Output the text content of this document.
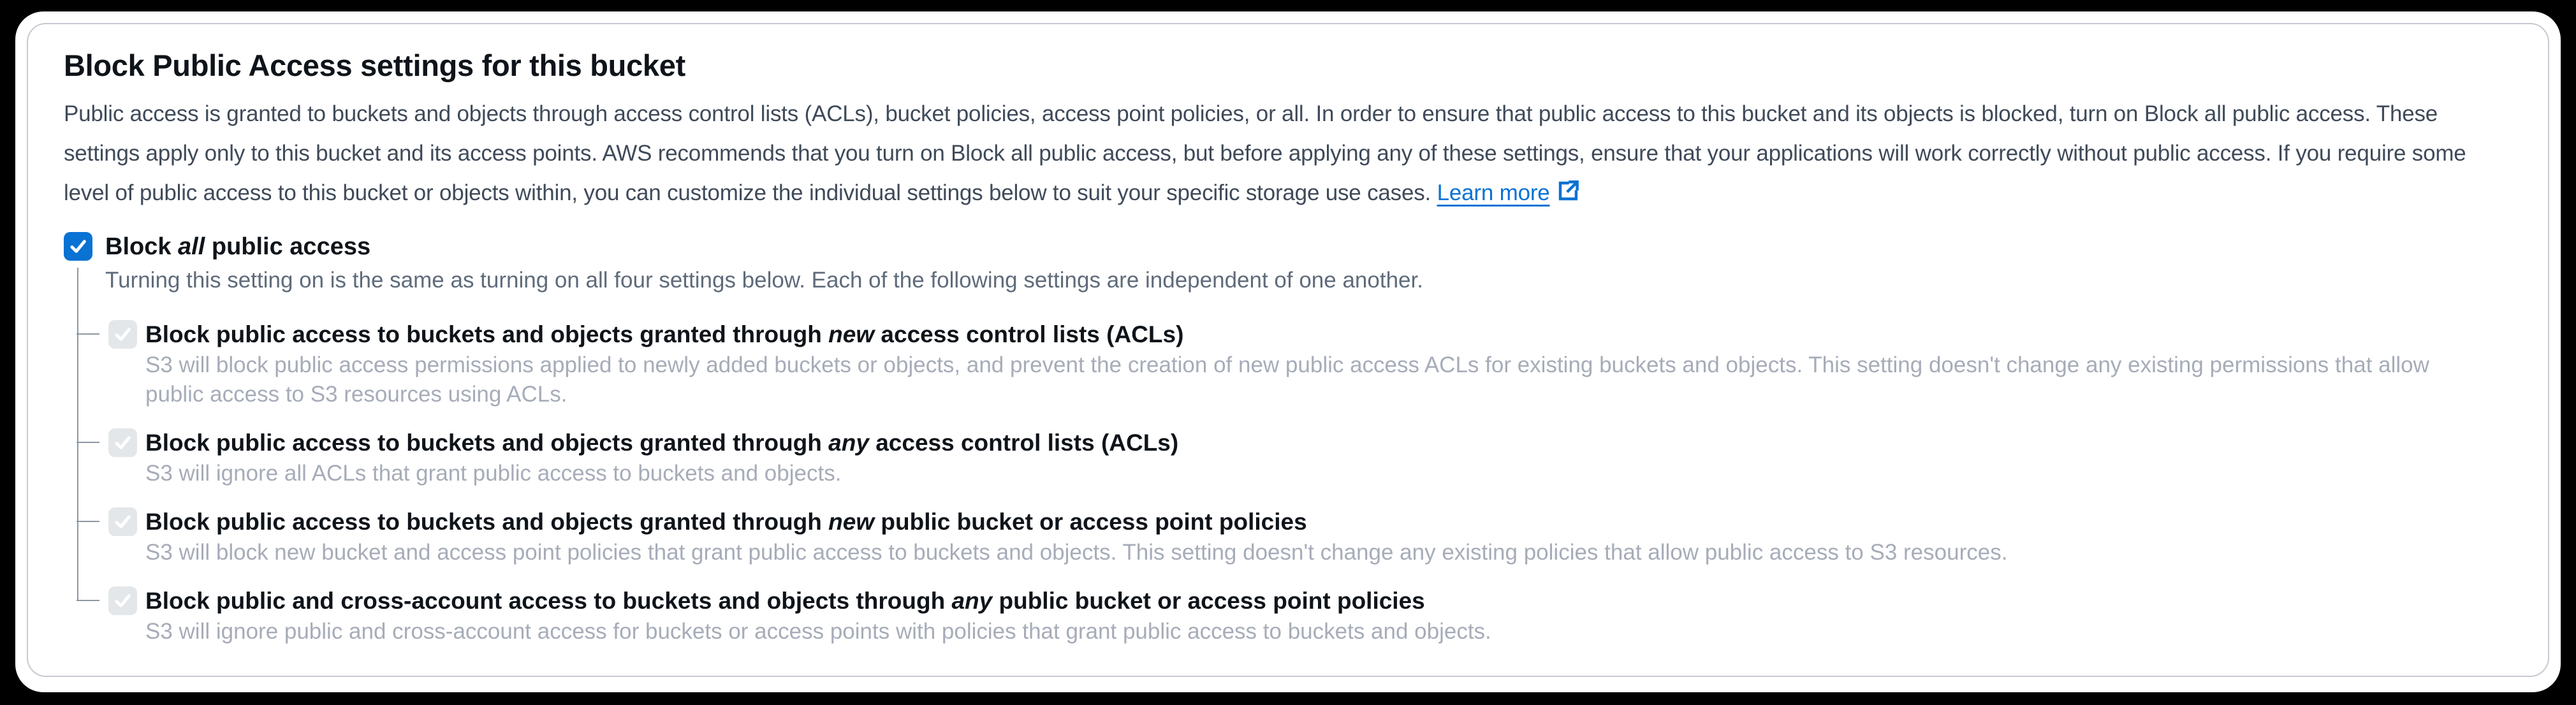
Block Public Access settings for this bucket
Public access is granted to buckets and objects through access control lists (ACLs), bucket policies, access point policies, or all. In order to ensure that public access to this bucket and its objects is blocked, turn on Block all public access. These settings apply only to this bucket and its access points. AWS recommends that you turn on Block all public access, but before applying any of these settings, ensure that your applications will work correctly without public access. If you require some level of public access to this bucket or objects within, you can customize the individual settings below to suit your specific storage use cases. Learn more
Block all public access
Turning this setting on is the same as turning on all four settings below. Each of the following settings are independent of one another.
Block public access to buckets and objects granted through new access control lists (ACLs)
S3 will block public access permissions applied to newly added buckets or objects, and prevent the creation of new public access ACLs for existing buckets and objects. This setting doesn't change any existing permissions that allow public access to S3 resources using ACLs.
Block public access to buckets and objects granted through any access control lists (ACLs)
S3 will ignore all ACLs that grant public access to buckets and objects.
Block public access to buckets and objects granted through new public bucket or access point policies
S3 will block new bucket and access point policies that grant public access to buckets and objects. This setting doesn't change any existing policies that allow public access to S3 resources.
Block public and cross-account access to buckets and objects through any public bucket or access point policies
S3 will ignore public and cross-account access for buckets or access points with policies that grant public access to buckets and objects.
